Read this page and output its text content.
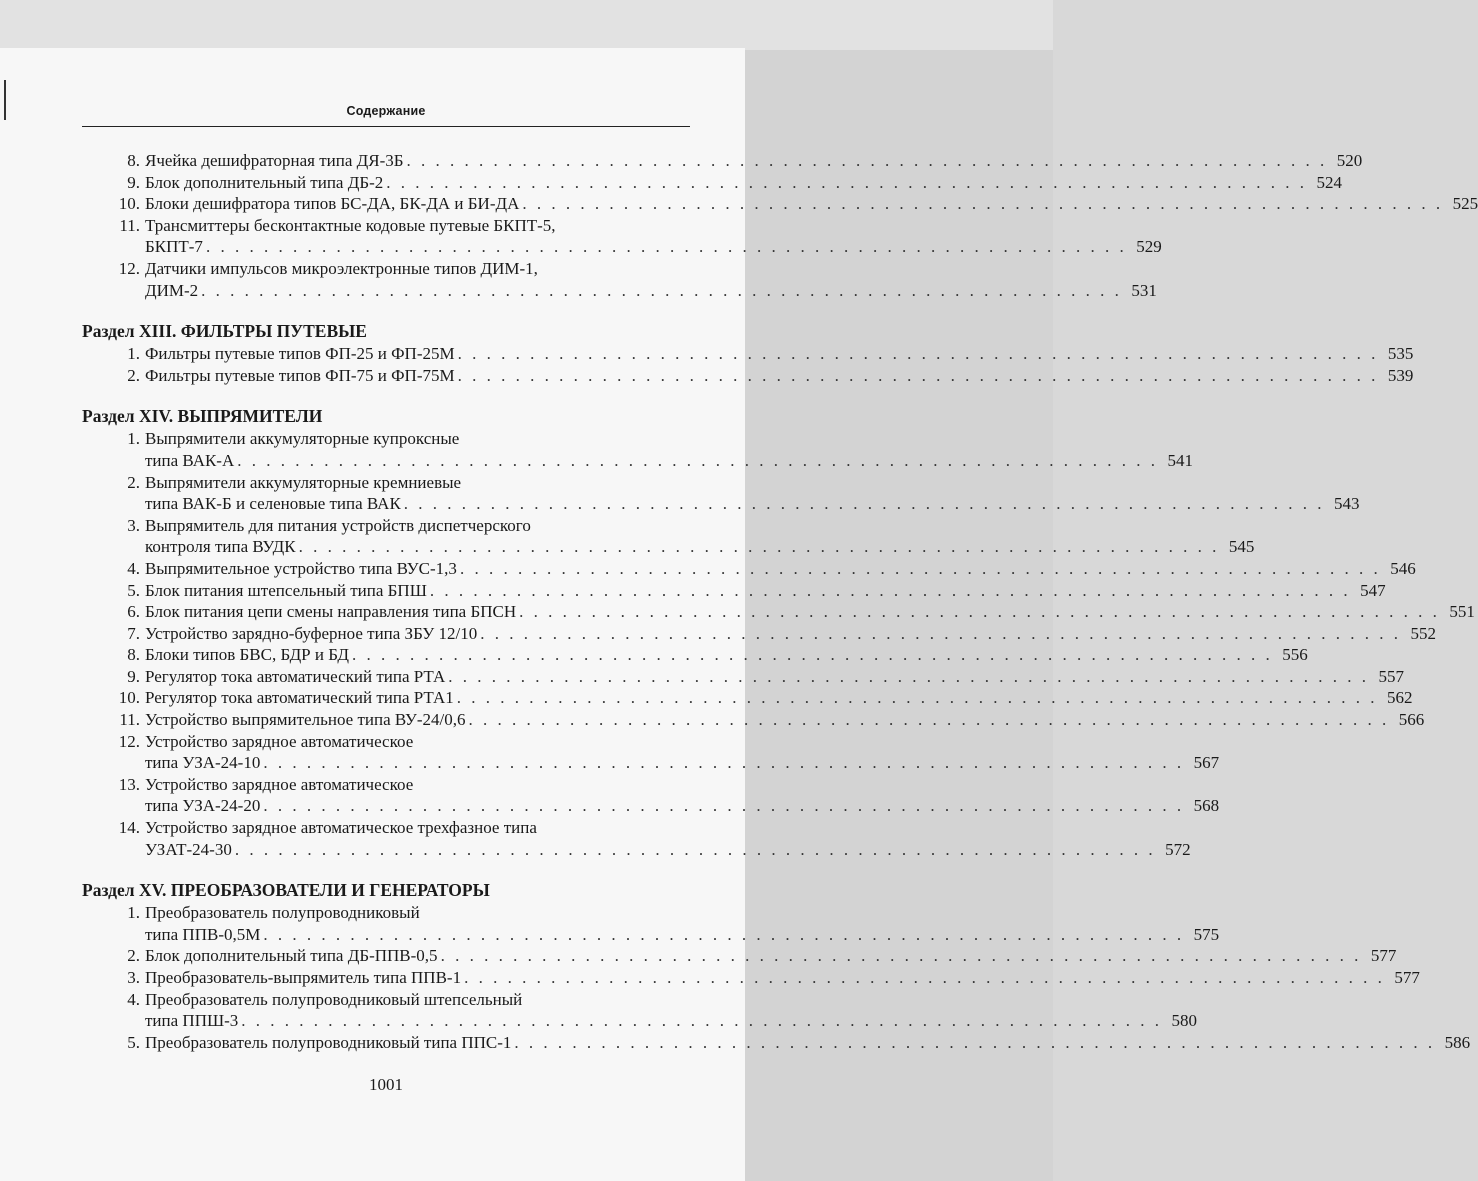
Содержание
8. Ячейка дешифраторная типа ДЯ-3Б . . .	520
9. Блок дополнительный типа ДБ-2 . . .	524
10. Блоки дешифратора типов БС-ДА, БК-ДА и БИ-ДА . . .	525
11. Трансмиттеры бесконтактные кодовые путевые БКПТ-5,
БКПТ-7 . . .	529
12. Датчики импульсов микроэлектронные типов ДИМ-1,
ДИМ-2 . . .	531
Раздел XIII. ФИЛЬТРЫ ПУТЕВЫЕ
1. Фильтры путевые типов ФП-25 и ФП-25М . . .	535
2. Фильтры путевые типов ФП-75 и ФП-75М . . .	539
Раздел XIV. ВЫПРЯМИТЕЛИ
1. Выпрямители аккумуляторные купроксные
типа ВАК-А . . .	541
2. Выпрямители аккумуляторные кремниевые
типа ВАК-Б и селеновые типа ВАК . . .	543
3. Выпрямитель для питания устройств диспетчерского
контроля типа ВУДК . . .	545
4. Выпрямительное устройство типа ВУС-1,3 . . .	546
5. Блок питания штепсельный типа БПШ . . .	547
6. Блок питания цепи смены направления типа БПСН . . .	551
7. Устройство зарядно-буферное типа ЗБУ 12/10 . . .	552
8. Блоки типов БВС, БДР и БД . . .	556
9. Регулятор тока автоматический типа РТА . . .	557
10. Регулятор тока автоматический типа РТА1 . . .	562
11. Устройство выпрямительное типа ВУ-24/0,6 . . .	566
12. Устройство зарядное автоматическое
типа УЗА-24-10 . . .	567
13. Устройство зарядное автоматическое
типа УЗА-24-20 . . .	568
14. Устройство зарядное автоматическое трехфазное типа
УЗАТ-24-30 . . .	572
Раздел XV. ПРЕОБРАЗОВАТЕЛИ И ГЕНЕРАТОРЫ
1. Преобразователь полупроводниковый
типа ППВ-0,5М . . .	575
2. Блок дополнительный типа ДБ-ППВ-0,5 . . .	577
3. Преобразователь-выпрямитель типа ППВ-1 . . .	577
4. Преобразователь полупроводниковый штепсельный
типа ППШ-3 . . .	580
5. Преобразователь полупроводниковый типа ППС-1 . . .	586
1001
